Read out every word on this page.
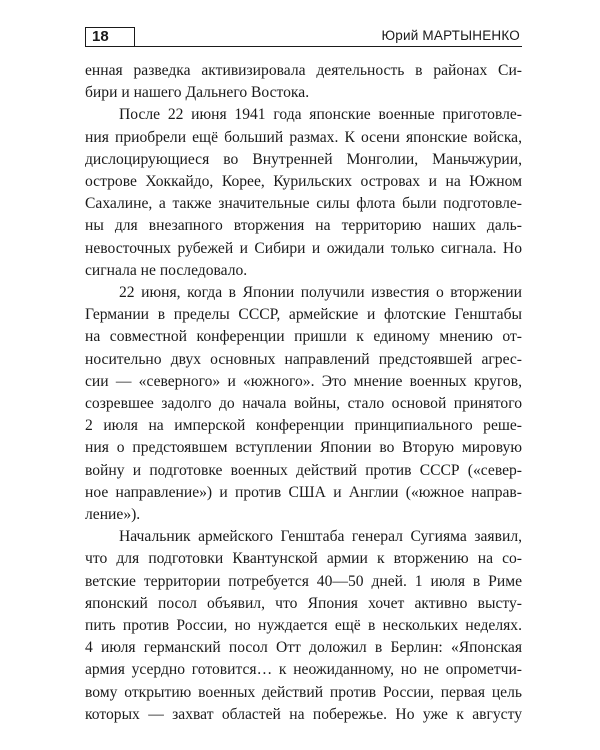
18	Юрий МАРТЫНЕНКО
енная разведка активизировала деятельность в районах Си-
бири и нашего Дальнего Востока.
После 22 июня 1941 года японские военные приготовле-
ния приобрели ещё больший размах. К осени японские войска,
дислоцирующиеся во Внутренней Монголии, Маньчжурии,
острове Хоккайдо, Корее, Курильских островах и на Южном
Сахалине, а также значительные силы флота были подготовле-
ны для внезапного вторжения на территорию наших даль-
невосточных рубежей и Сибири и ожидали только сигнала. Но
сигнала не последовало.
22 июня, когда в Японии получили известия о вторжении
Германии в пределы СССР, армейские и флотские Генштабы
на совместной конференции пришли к единому мнению от-
носительно двух основных направлений предстоявшей агрес-
сии — «северного» и «южного». Это мнение военных кругов,
созревшее задолго до начала войны, стало основой принятого
2 июля на имперской конференции принципиального реше-
ния о предстоявшем вступлении Японии во Вторую мировую
войну и подготовке военных действий против СССР («север-
ное направление») и против США и Англии («южное направ-
ление»).
Начальник армейского Генштаба генерал Сугияма заявил,
что для подготовки Квантунской армии к вторжению на со-
ветские территории потребуется 40—50 дней. 1 июля в Риме
японский посол объявил, что Япония хочет активно высту-
пить против России, но нуждается ещё в нескольких неделях.
4 июля германский посол Отт доложил в Берлин: «Японская
армия усердно готовится… к неожиданному, но не опрометчи-
вому открытию военных действий против России, первая цель
которых — захват областей на побережье. Но уже к августу
